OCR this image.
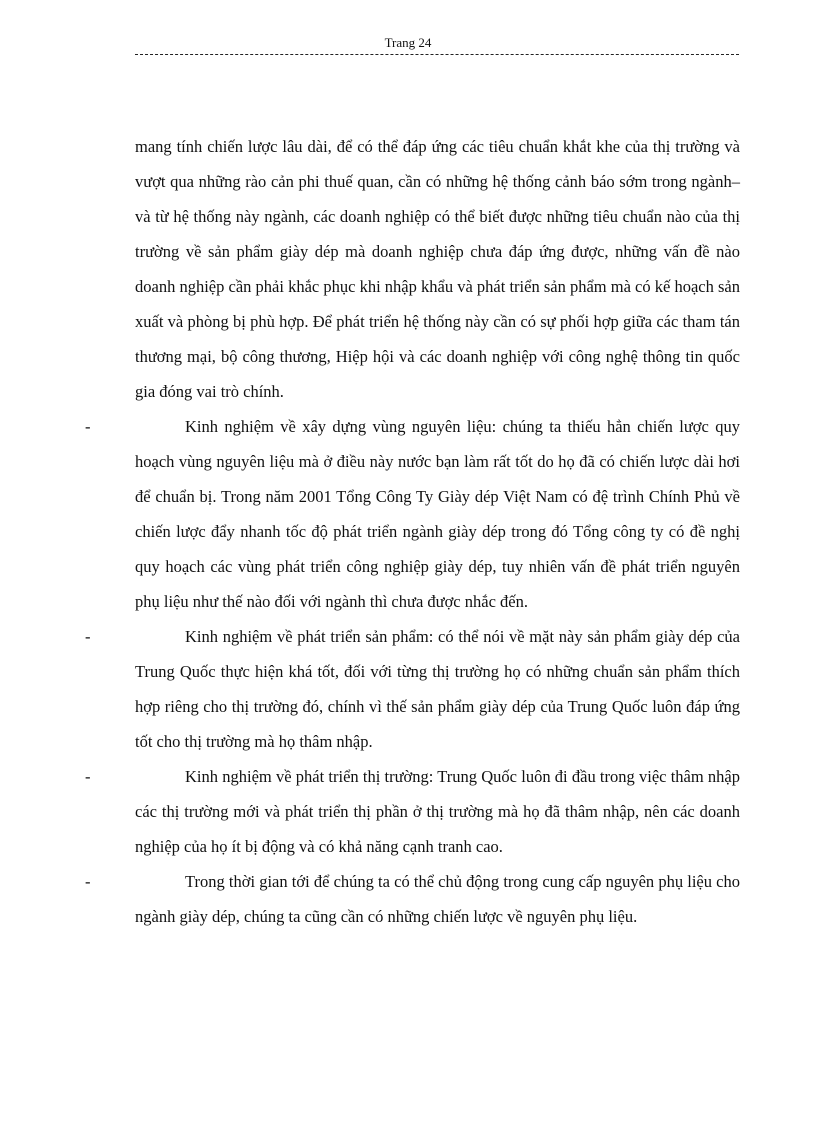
Trang 24

mang tính chiến lược lâu dài, để có thể đáp ứng các tiêu chuẩn khắt khe của thị trường và vượt qua những rào cản phi thuế quan, cần có những hệ thống cảnh báo sớm trong ngành–và từ hệ thống này ngành, các doanh nghiệp có thể biết được những tiêu chuẩn nào của thị trường về sản phẩm giày dép mà doanh nghiệp chưa đáp ứng được, những vấn đề nào doanh nghiệp cần phải khắc phục khi nhập khẩu và phát triển sản phẩm mà có kế hoạch sản xuất và phòng bị phù hợp. Để phát triển hệ thống này cần có sự phối hợp giữa các tham tán thương mại, bộ công thương, Hiệp hội và các doanh nghiệp với công nghệ thông tin quốc gia đóng vai trò chính.

-	Kinh nghiệm về xây dựng vùng nguyên liệu: chúng ta thiếu hẳn chiến lược quy hoạch vùng nguyên liệu mà ở điều này nước bạn làm rất tốt do họ đã có chiến lược dài hơi để chuẩn bị. Trong năm 2001 Tổng Công Ty Giày dép Việt Nam có đệ trình Chính Phủ về chiến lược đẩy nhanh tốc độ phát triển ngành giày dép trong đó Tổng công ty có đề nghị quy hoạch các vùng phát triển công nghiệp giày dép, tuy nhiên vấn đề phát triển nguyên phụ liệu như thế nào đối với ngành thì chưa được nhắc đến.

-	Kinh nghiệm về phát triển sản phẩm: có thể nói về mặt này sản phẩm giày dép của Trung Quốc thực hiện khá tốt, đối với từng thị trường họ có những chuẩn sản phẩm thích hợp riêng cho thị trường đó, chính vì thế sản phẩm giày dép của Trung Quốc luôn đáp ứng tốt cho thị trường mà họ thâm nhập.

-	Kinh nghiệm về phát triển thị trường: Trung Quốc luôn đi đầu trong việc thâm nhập các thị trường mới và phát triển thị phần ở thị trường mà họ đã thâm nhập, nên các doanh nghiệp của họ ít bị động và có khả năng cạnh tranh cao.

-	Trong thời gian tới để chúng ta có thể chủ động trong cung cấp nguyên phụ liệu cho ngành giày dép, chúng ta cũng cần có những chiến lược về nguyên phụ liệu.
